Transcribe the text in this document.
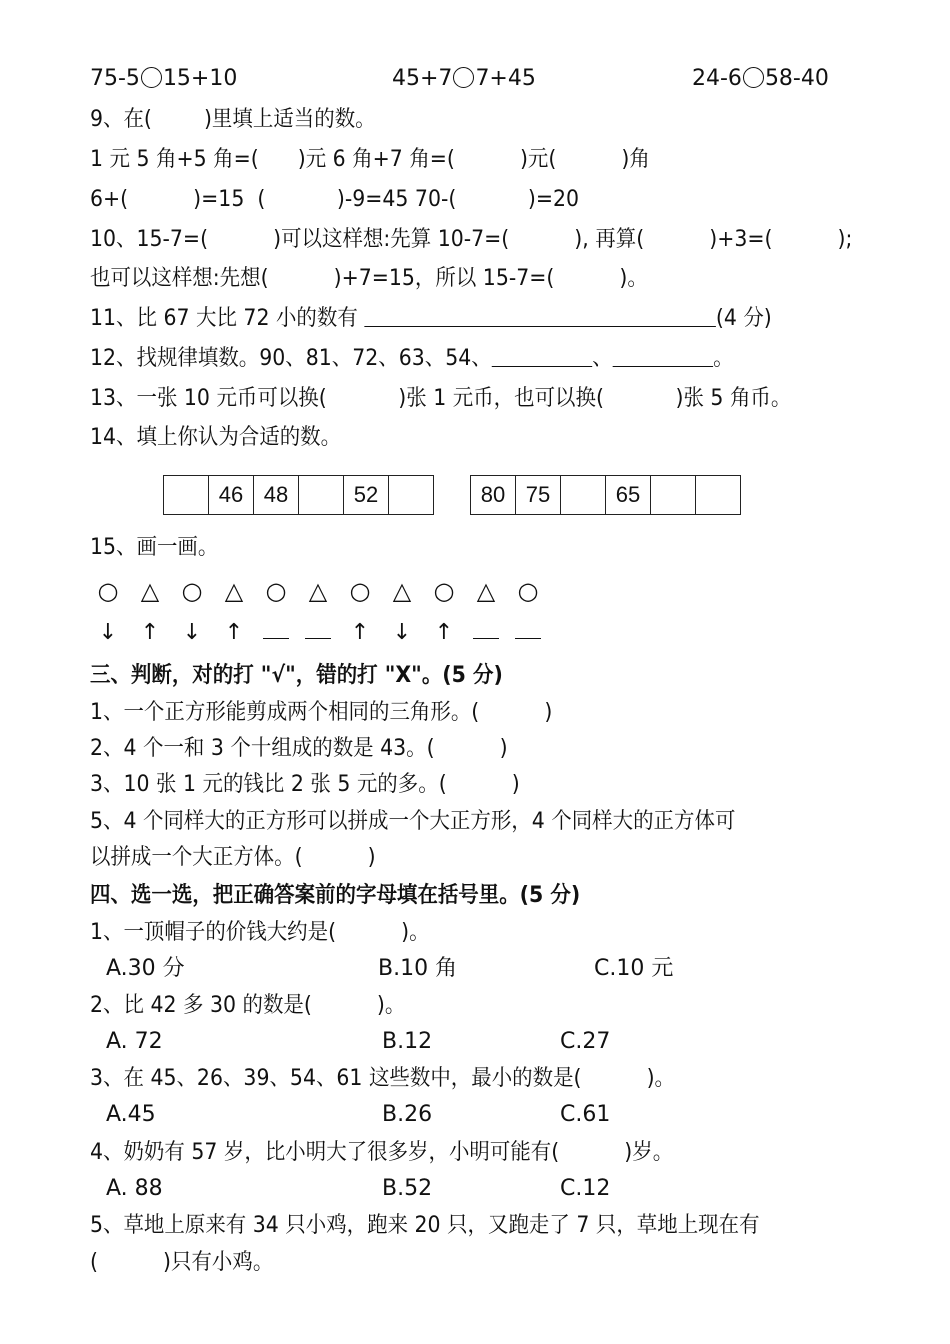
75-5 15+10	45+7 7+45	24-6 58-40
9、在(        )里填上适当的数。
1 元 5 角+5 角=(      )元 6 角+7 角=(          )元(          )角
6+(          )=15  (           )-9=45 70-(           )=20
10、15-7=(          )可以这样想:先算 10-7=(          ), 再算(          )+3=(          );
也可以这样想:先想(          )+7=15，所以 15-7=(          )。
11、比 67 大比 72 小的数有	(4 分)
12、找规律填数。90、81、72、63、54、	、	。
13、一张 10 元币可以换(           )张 1 元币，也可以换(           )张 5 角币。
14、填上你认为合适的数。
	46	48		52		80	75		65		
15、画一画。
○ △ ○ △ ○ △ ○ △ ○ △ ○
↓ ↑ ↓ ↑	↑ ↓ ↑
三、判断，对的打 "√"，错的打 "X"。(5 分)
1、一个正方形能剪成两个相同的三角形。(          )
2、4 个一和 3 个十组成的数是 43。(          )
3、10 张 1 元的钱比 2 张 5 元的多。(          )
5、4 个同样大的正方形可以拼成一个大正方形，4 个同样大的正方体可
以拼成一个大正方体。(          )
四、选一选，把正确答案前的字母填在括号里。(5 分)
1、一顶帽子的价钱大约是(          )。
A.30 分	B.10 角	C.10 元
2、比 42 多 30 的数是(          )。
A. 72	B.12	C.27
3、在 45、26、39、54、61 这些数中，最小的数是(          )。
A.45	B.26	C.61
4、奶奶有 57 岁，比小明大了很多岁，小明可能有(          )岁。
A. 88	B.52	C.12
5、草地上原来有 34 只小鸡，跑来 20 只，又跑走了 7 只，草地上现在有
(          )只有小鸡。
